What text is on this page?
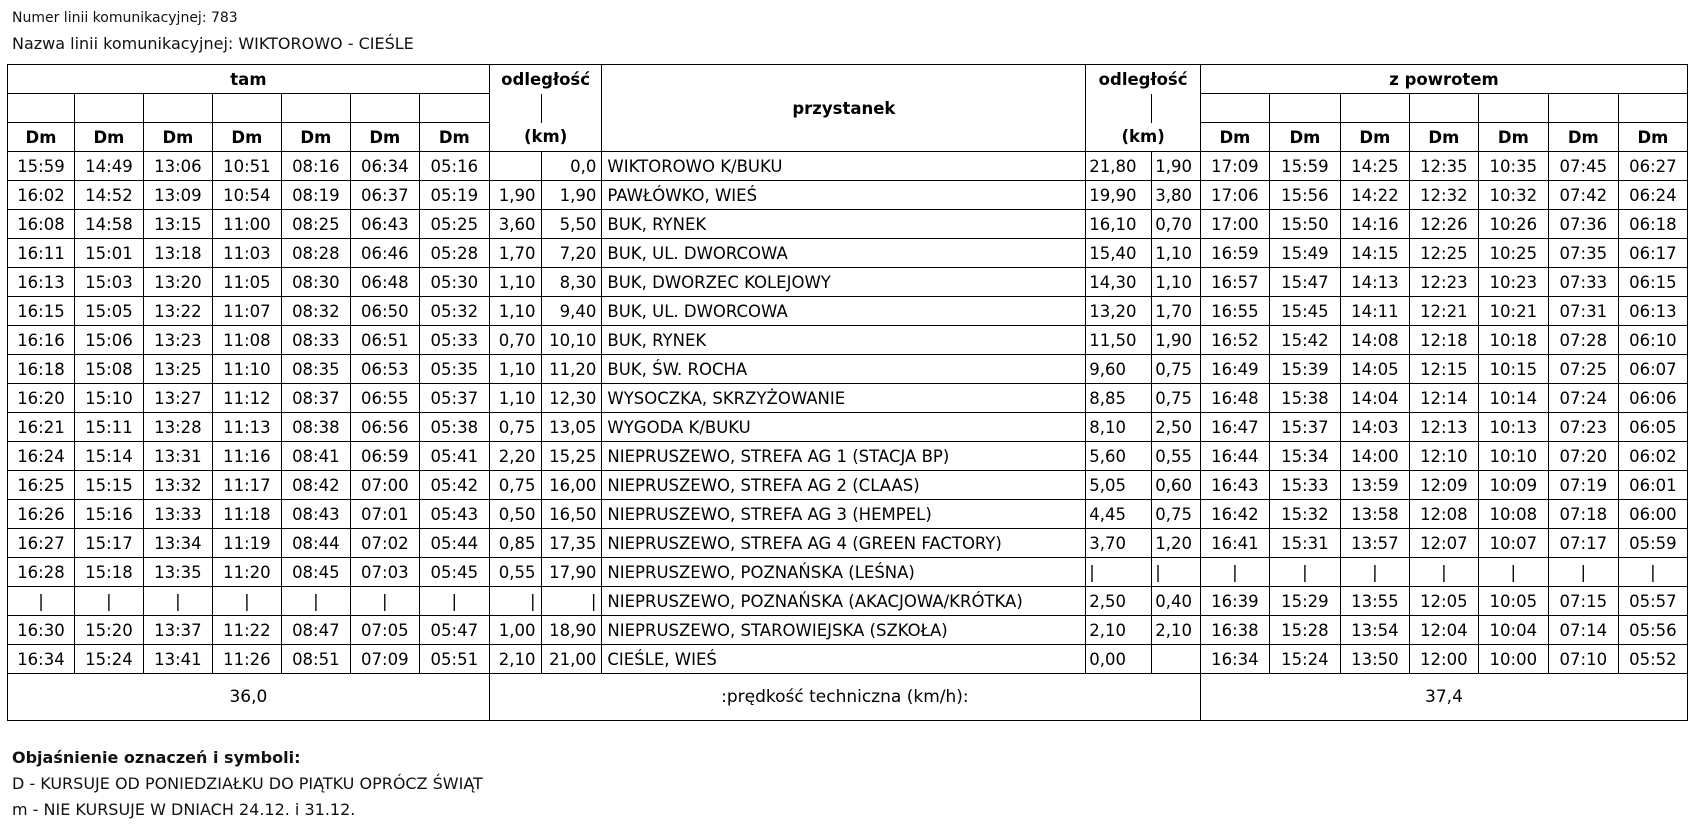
Numer linii komunikacyjnej: 783
Nazwa linii komunikacyjnej: WIKTOROWO - CIEŚLE
tam							odległość		przystanek	odległość		z powrotem						

Dm	Dm	Dm	Dm	Dm	Dm	Dm	(km)			(km)		Dm	Dm	Dm	Dm	Dm	Dm	Dm
15:59	14:49	13:06	10:51	08:16	06:34	05:16		0,0	WIKTOROWO K/BUKU	21,80	1,90	17:09	15:59	14:25	12:35	10:35	07:45	06:27
16:02	14:52	13:09	10:54	08:19	06:37	05:19	1,90	1,90	PAWŁÓWKO, WIEŚ	19,90	3,80	17:06	15:56	14:22	12:32	10:32	07:42	06:24
16:08	14:58	13:15	11:00	08:25	06:43	05:25	3,60	5,50	BUK, RYNEK	16,10	0,70	17:00	15:50	14:16	12:26	10:26	07:36	06:18
16:11	15:01	13:18	11:03	08:28	06:46	05:28	1,70	7,20	BUK, UL. DWORCOWA	15,40	1,10	16:59	15:49	14:15	12:25	10:25	07:35	06:17
16:13	15:03	13:20	11:05	08:30	06:48	05:30	1,10	8,30	BUK, DWORZEC KOLEJOWY	14,30	1,10	16:57	15:47	14:13	12:23	10:23	07:33	06:15
16:15	15:05	13:22	11:07	08:32	06:50	05:32	1,10	9,40	BUK, UL. DWORCOWA	13,20	1,70	16:55	15:45	14:11	12:21	10:21	07:31	06:13
16:16	15:06	13:23	11:08	08:33	06:51	05:33	0,70	10,10	BUK, RYNEK	11,50	1,90	16:52	15:42	14:08	12:18	10:18	07:28	06:10
16:18	15:08	13:25	11:10	08:35	06:53	05:35	1,10	11,20	BUK, ŚW. ROCHA	9,60	0,75	16:49	15:39	14:05	12:15	10:15	07:25	06:07
16:20	15:10	13:27	11:12	08:37	06:55	05:37	1,10	12,30	WYSOCZKA, SKRZYŻOWANIE	8,85	0,75	16:48	15:38	14:04	12:14	10:14	07:24	06:06
16:21	15:11	13:28	11:13	08:38	06:56	05:38	0,75	13,05	WYGODA K/BUKU	8,10	2,50	16:47	15:37	14:03	12:13	10:13	07:23	06:05
16:24	15:14	13:31	11:16	08:41	06:59	05:41	2,20	15,25	NIEPRUSZEWO, STREFA AG 1 (STACJA BP)	5,60	0,55	16:44	15:34	14:00	12:10	10:10	07:20	06:02
16:25	15:15	13:32	11:17	08:42	07:00	05:42	0,75	16,00	NIEPRUSZEWO, STREFA AG 2 (CLAAS)	5,05	0,60	16:43	15:33	13:59	12:09	10:09	07:19	06:01
16:26	15:16	13:33	11:18	08:43	07:01	05:43	0,50	16,50	NIEPRUSZEWO, STREFA AG 3 (HEMPEL)	4,45	0,75	16:42	15:32	13:58	12:08	10:08	07:18	06:00
16:27	15:17	13:34	11:19	08:44	07:02	05:44	0,85	17,35	NIEPRUSZEWO, STREFA AG 4 (GREEN FACTORY)	3,70	1,20	16:41	15:31	13:57	12:07	10:07	07:17	05:59
16:28	15:18	13:35	11:20	08:45	07:03	05:45	0,55	17,90	NIEPRUSZEWO, POZNAŃSKA (LEŚNA)	|	|	|	|	|	|	|	|	|
|	|	|	|	|	|	|	|	|	NIEPRUSZEWO, POZNAŃSKA (AKACJOWA/KRÓTKA)	2,50	0,40	16:39	15:29	13:55	12:05	10:05	07:15	05:57
16:30	15:20	13:37	11:22	08:47	07:05	05:47	1,00	18,90	NIEPRUSZEWO, STAROWIEJSKA (SZKOŁA)	2,10	2,10	16:38	15:28	13:54	12:04	10:04	07:14	05:56
16:34	15:24	13:41	11:26	08:51	07:09	05:51	2,10	21,00	CIEŚLE, WIEŚ	0,00		16:34	15:24	13:50	12:00	10:00	07:10	05:52
36,0							:prędkość techniczna (km/h):					37,4						
Objaśnienie oznaczeń i symboli:
D - KURSUJE OD PONIEDZIAŁKU DO PIĄTKU OPRÓCZ ŚWIĄT
m - NIE KURSUJE W DNIACH 24.12. i 31.12.
